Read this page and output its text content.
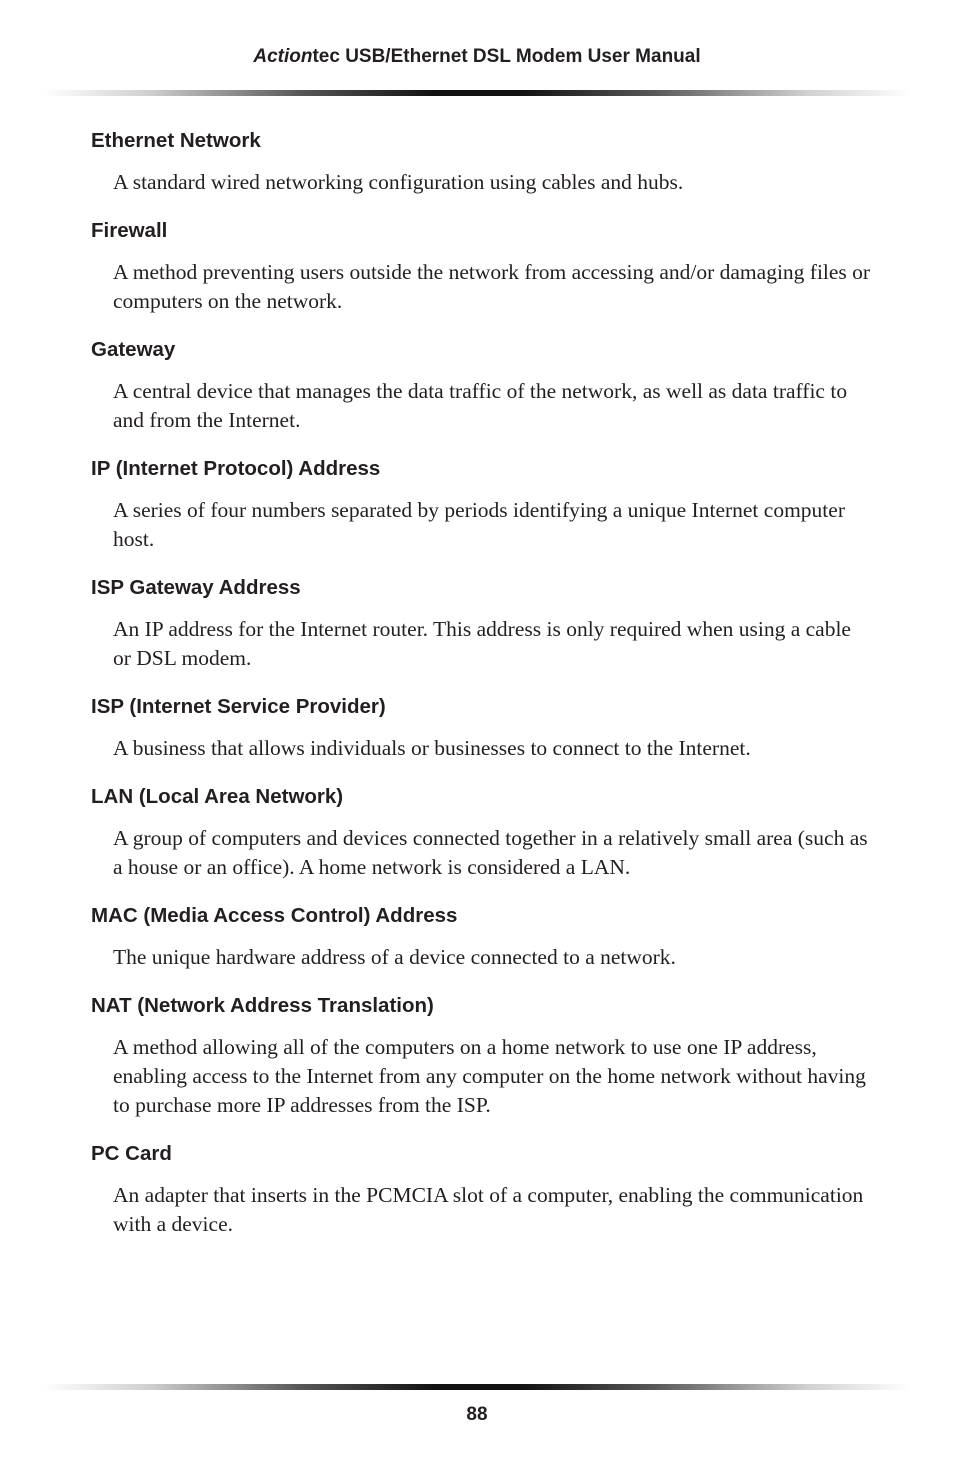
Actiontec USB/Ethernet DSL Modem User Manual

Ethernet Network

A standard wired networking configuration using cables and hubs.

Firewall

A method preventing users outside the network from accessing and/or damaging files or computers on the network.

Gateway

A central device that manages the data traffic of the network, as well as data traffic to and from the Internet.

IP (Internet Protocol) Address

A series of four numbers separated by periods identifying a unique Internet computer host.

ISP Gateway Address

An IP address for the Internet router. This address is only required when using a cable or DSL modem.

ISP (Internet Service Provider)

A business that allows individuals or businesses to connect to the Internet.

LAN (Local Area Network)

A group of computers and devices connected together in a relatively small area (such as a house or an office). A home network is considered a LAN.

MAC (Media Access Control) Address

The unique hardware address of a device connected to a network.

NAT (Network Address Translation)

A method allowing all of the computers on a home network to use one IP address, enabling access to the Internet from any computer on the home network without having to purchase more IP addresses from the ISP.

PC Card

An adapter that inserts in the PCMCIA slot of a computer, enabling the communication with a device.

88
